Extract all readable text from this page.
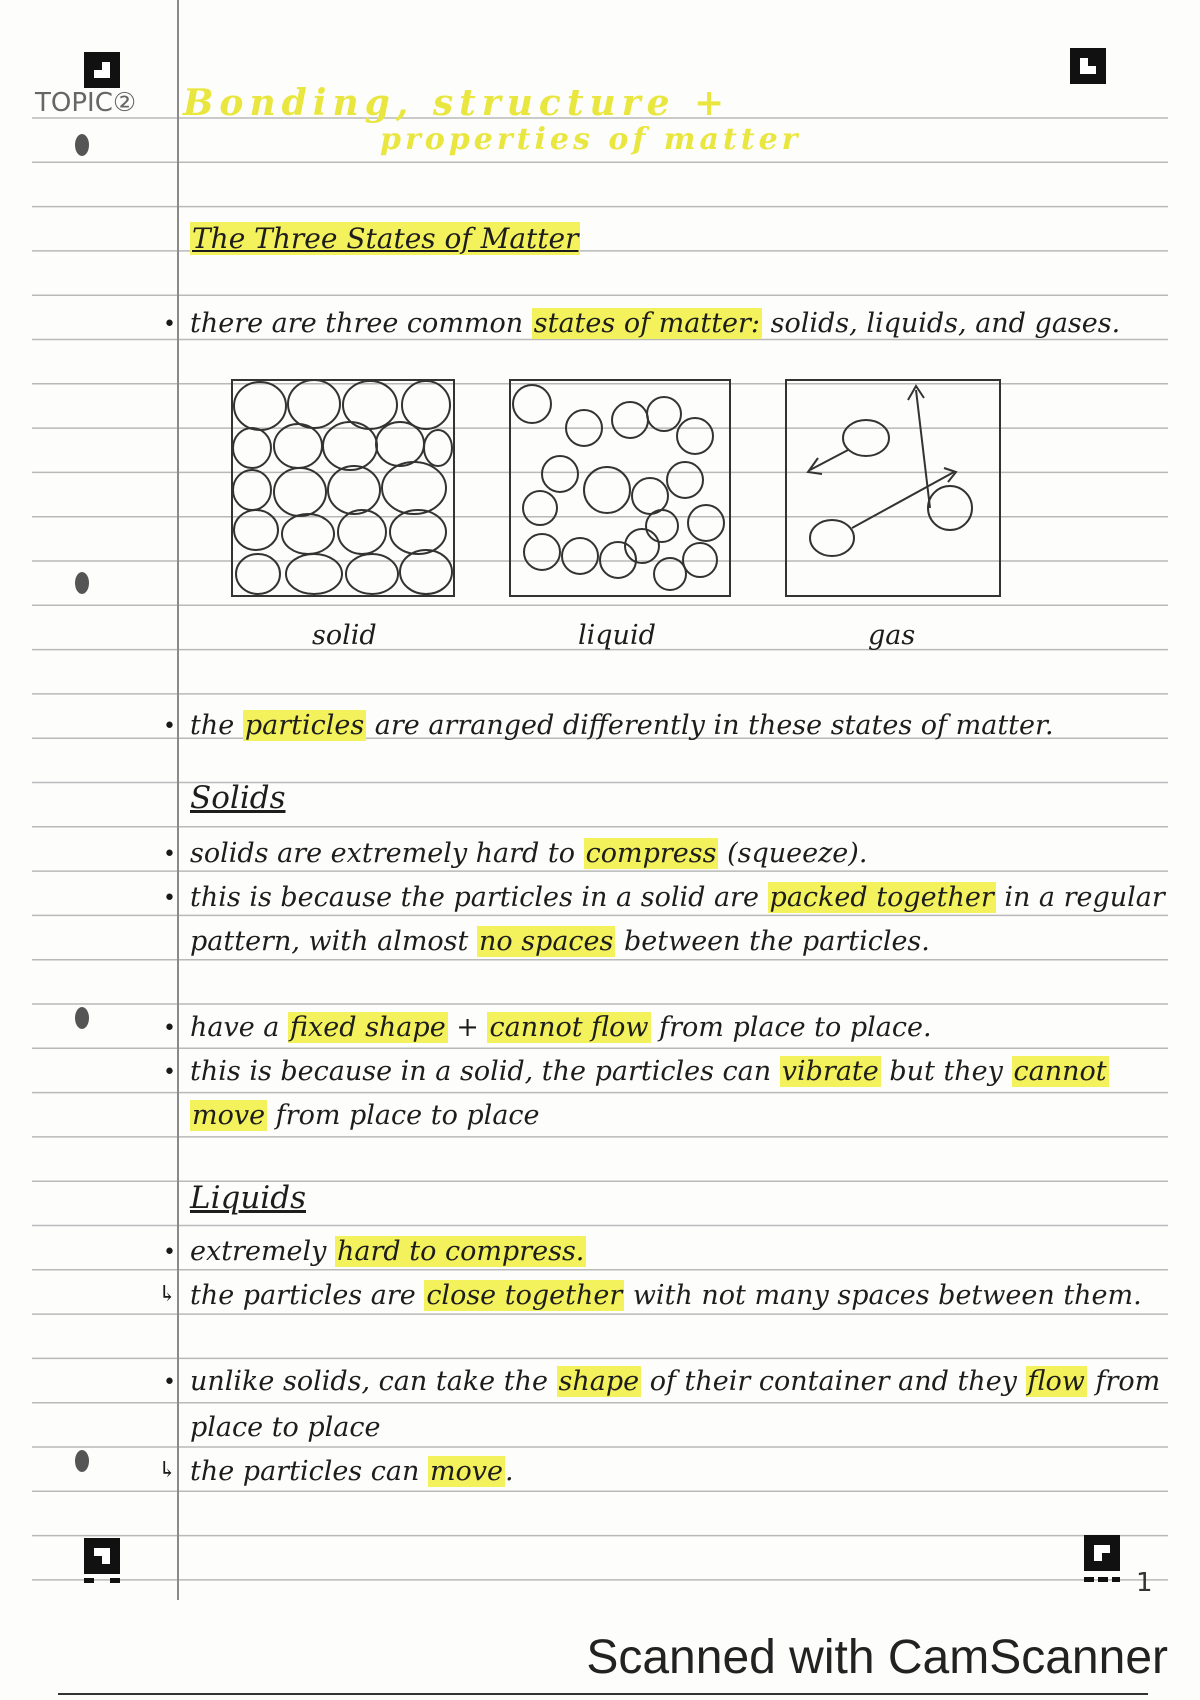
TOPIC② Bonding, structure +
properties of matter
The Three States of Matter
• there are three common states of matter: solids, liquids, and gases.
solid	liquid	gas
• the particles are arranged differently in these states of matter.
Solids
• solids are extremely hard to compress (squeeze).
• this is because the particles in a solid are packed together in a regular
pattern, with almost no spaces between the particles.
• have a fixed shape + cannot flow from place to place.
• this is because in a solid, the particles can vibrate but they cannot
move from place to place
Liquids
• extremely hard to compress.
↳ the particles are close together with not many spaces between them.
• unlike solids, can take the shape of their container and they flow from
place to place
↳ the particles can move.
1
Scanned with CamScanner
